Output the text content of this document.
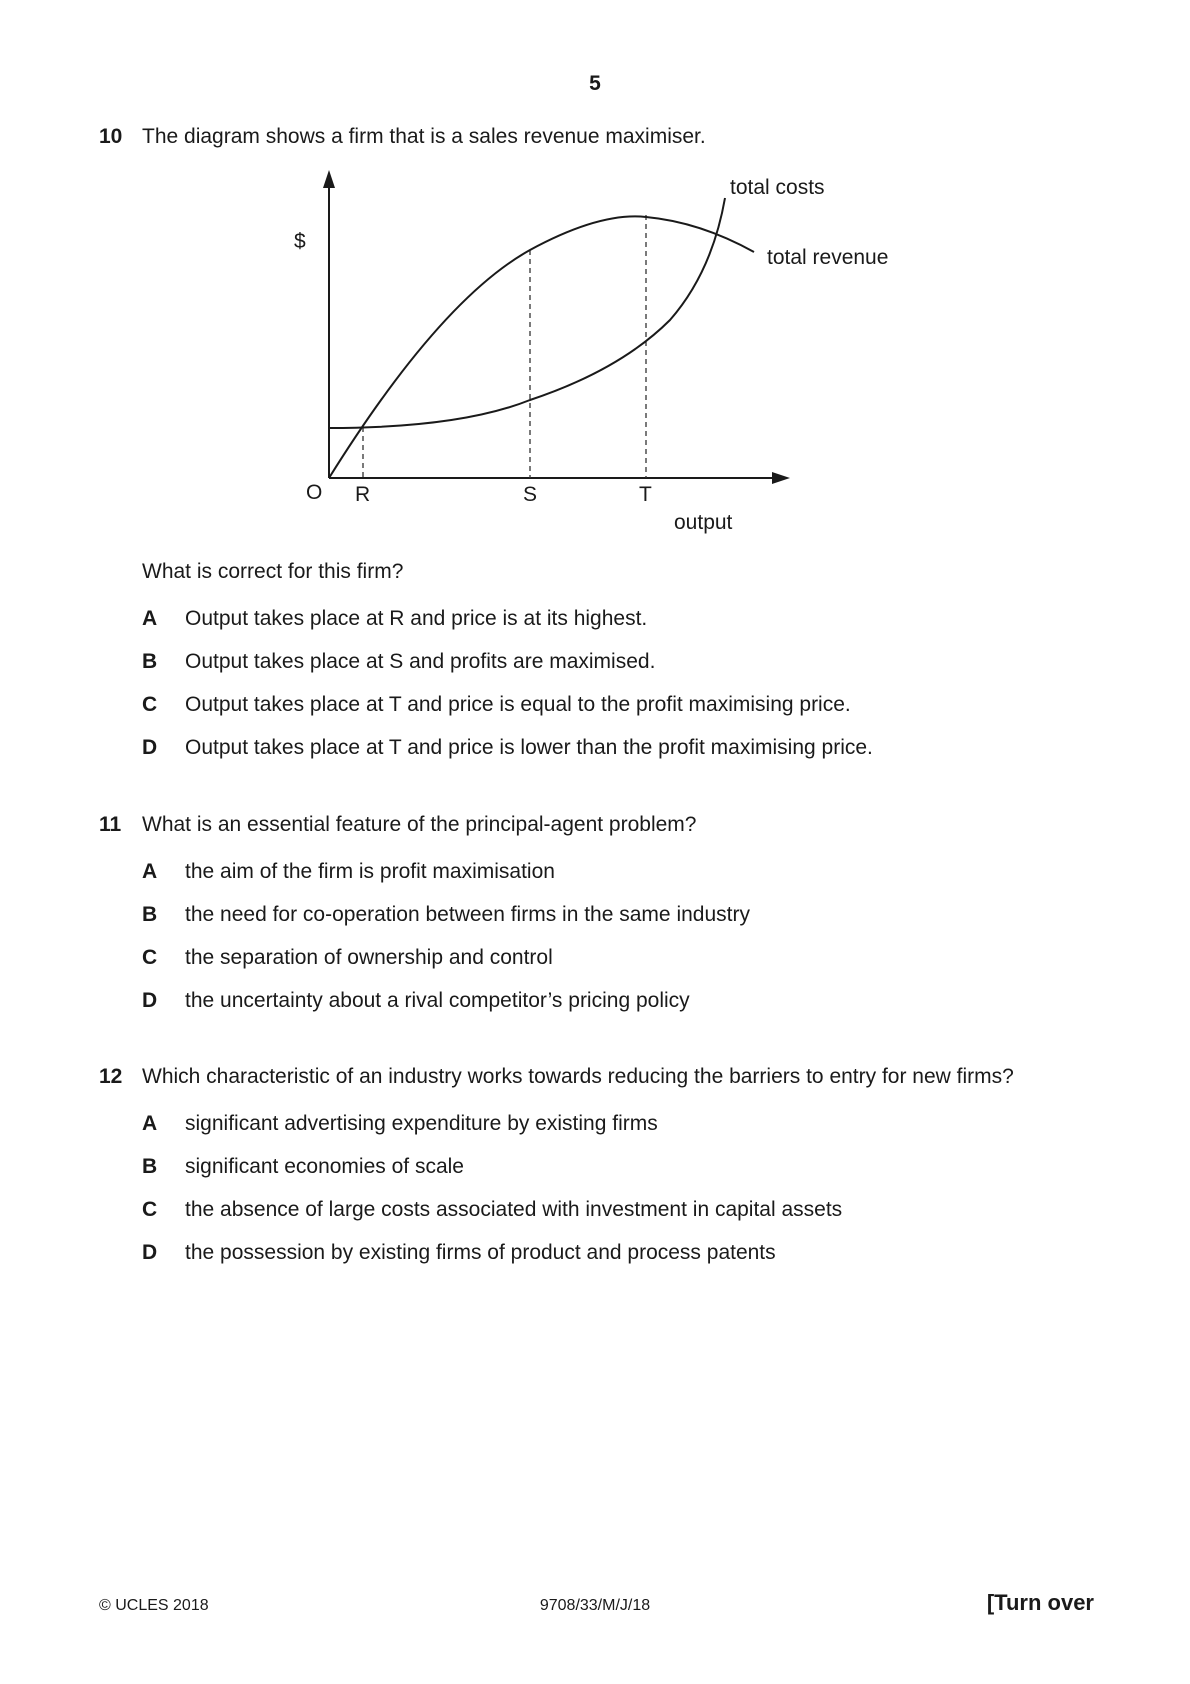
5
10 The diagram shows a firm that is a sales revenue maximiser.
$
O R	S	T
output
total costs
total revenue
What is correct for this firm?
A Output takes place at R and price is at its highest.
B Output takes place at S and profits are maximised.
C Output takes place at T and price is equal to the profit maximising price.
D Output takes place at T and price is lower than the profit maximising price.
11 What is an essential feature of the principal-agent problem?
A the aim of the firm is profit maximisation
B the need for co-operation between firms in the same industry
C the separation of ownership and control
D the uncertainty about a rival competitor’s pricing policy
12 Which characteristic of an industry works towards reducing the barriers to entry for new firms?
A significant advertising expenditure by existing firms
B significant economies of scale
C the absence of large costs associated with investment in capital assets
D the possession by existing firms of product and process patents
© UCLES 2018	9708/33/M/J/18	[Turn over
